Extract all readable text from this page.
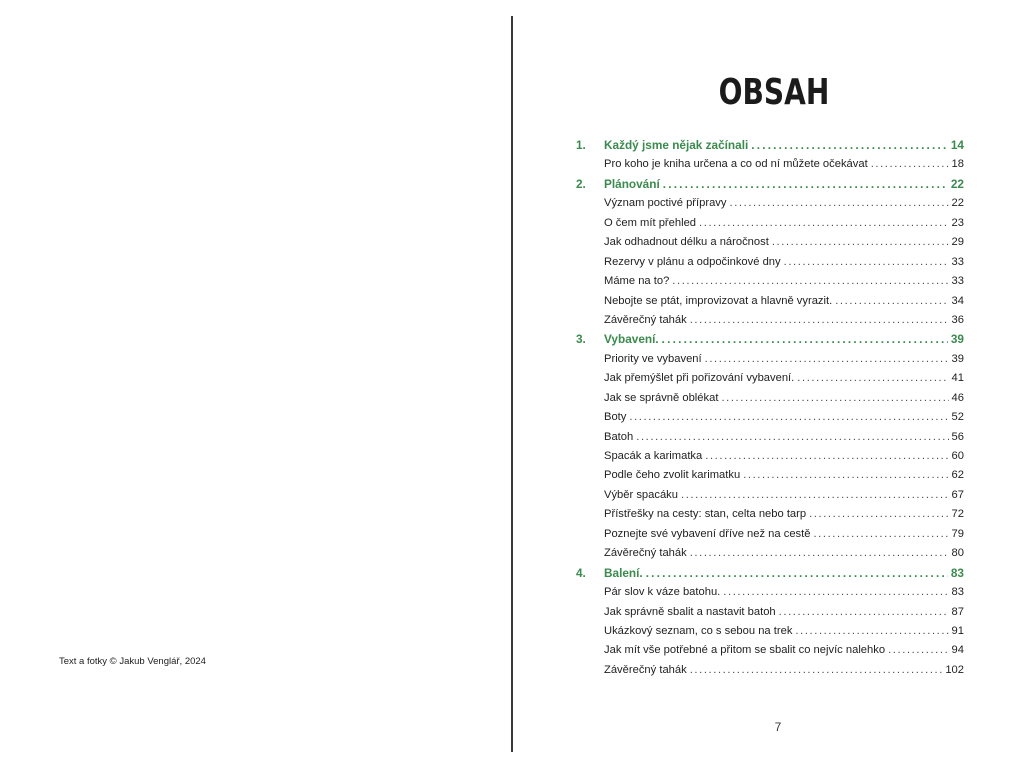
Text a fotky © Jakub Venglář, 2024
OBSAH
1.	Každý jsme nějak začínali .....	14
Pro koho je kniha určena a co od ní můžete očekávat .....	18
2.	Plánování .....	22
Význam poctivé přípravy .....	22
O čem mít přehled .....	23
Jak odhadnout délku a náročnost .....	29
Rezervy v plánu a odpočinkové dny .....	33
Máme na to? .....	33
Nebojte se ptát, improvizovat a hlavně vyrazit. .....	34
Závěrečný tahák .....	36
3.	Vybavení. .....	39
Priority ve vybavení .....	39
Jak přemýšlet při pořizování vybavení. .....	41
Jak se správně oblékat .....	46
Boty .....	52
Batoh .....	56
Spacák a karimatka .....	60
Podle čeho zvolit karimatku .....	62
Výběr spacáku .....	67
Přístřešky na cesty: stan, celta nebo tarp .....	72
Poznejte své vybavení dříve než na cestě .....	79
Závěrečný tahák .....	80
4.	Balení. .....	83
Pár slov k váze batohu. .....	83
Jak správně sbalit a nastavit batoh .....	87
Ukázkový seznam, co s sebou na trek .....	91
Jak mít vše potřebné a přitom se sbalit co nejvíc nalehko .....	94
Závěrečný tahák .....	102
7
